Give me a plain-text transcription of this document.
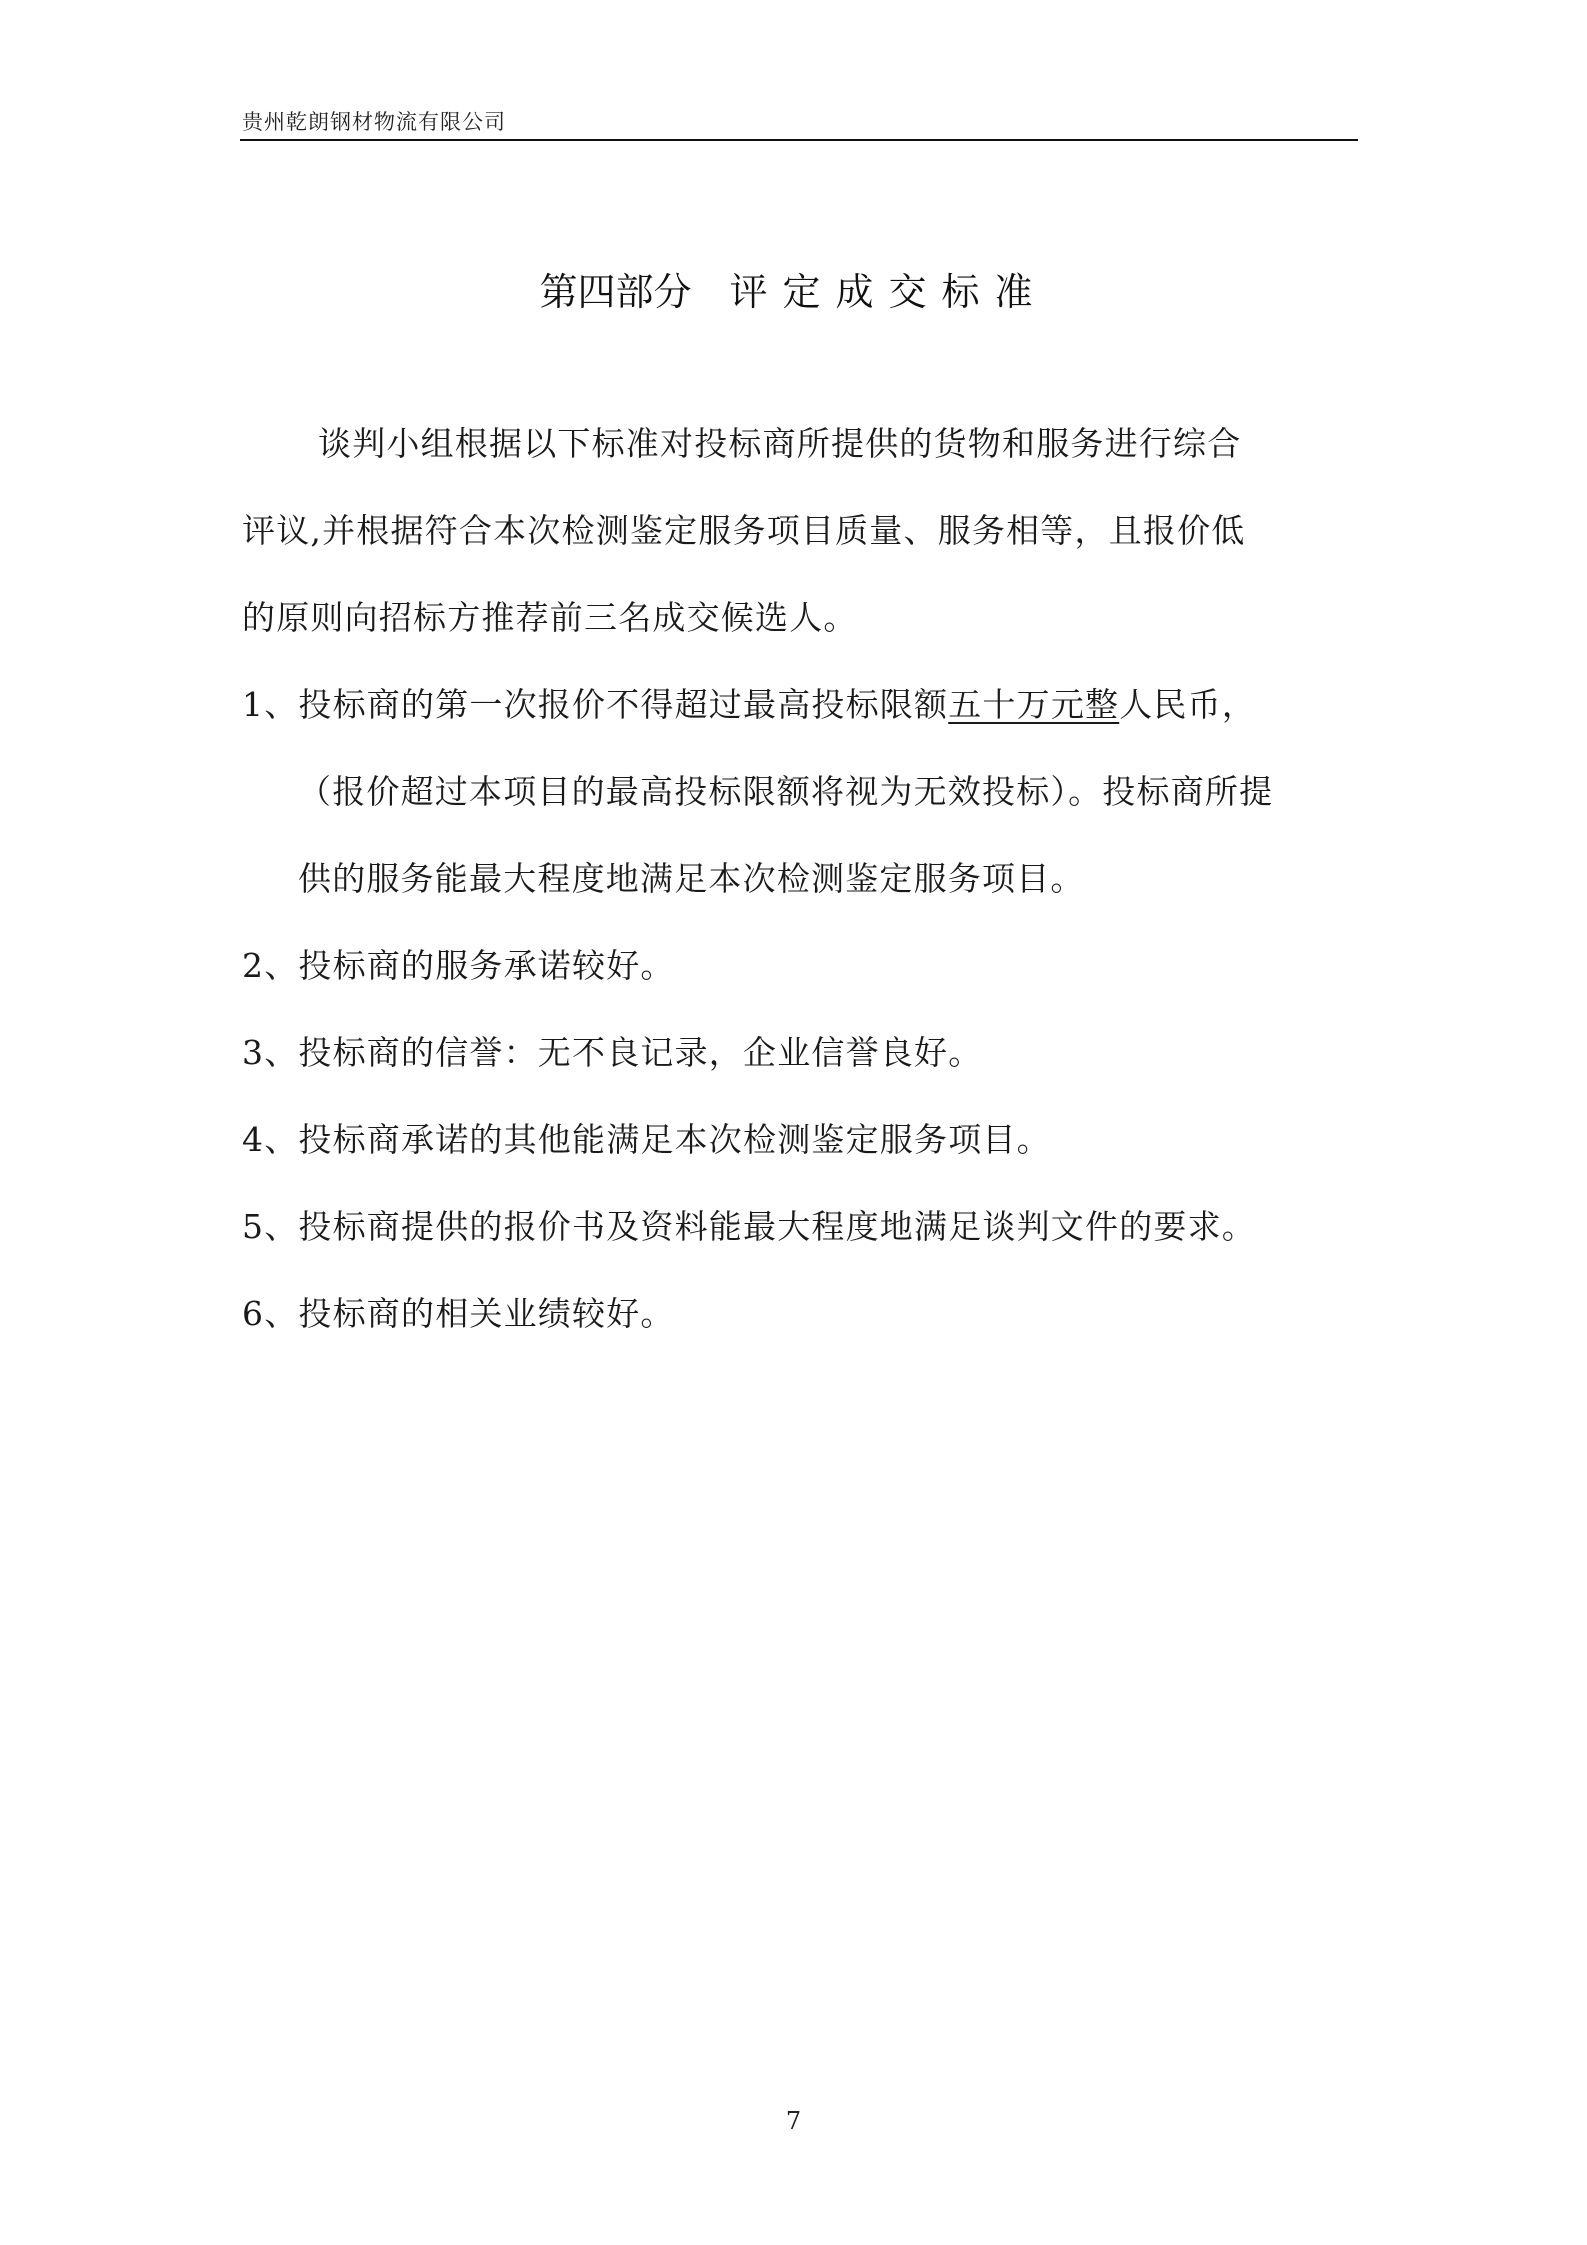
贵州乾朗钢材物流有限公司
第四部分 评定成交标准
谈判小组根据以下标准对投标商所提供的货物和服务进行综合
评议,并根据符合本次检测鉴定服务项目质量、服务相等，且报价低
的原则向招标方推荐前三名成交候选人。
1、投标商的第一次报价不得超过最高投标限额五十万元整人民币，
（报价超过本项目的最高投标限额将视为无效投标）。投标商所提
供的服务能最大程度地满足本次检测鉴定服务项目。
2、投标商的服务承诺较好。
3、投标商的信誉：无不良记录，企业信誉良好。
4、投标商承诺的其他能满足本次检测鉴定服务项目。
5、投标商提供的报价书及资料能最大程度地满足谈判文件的要求。
6、投标商的相关业绩较好。
7
